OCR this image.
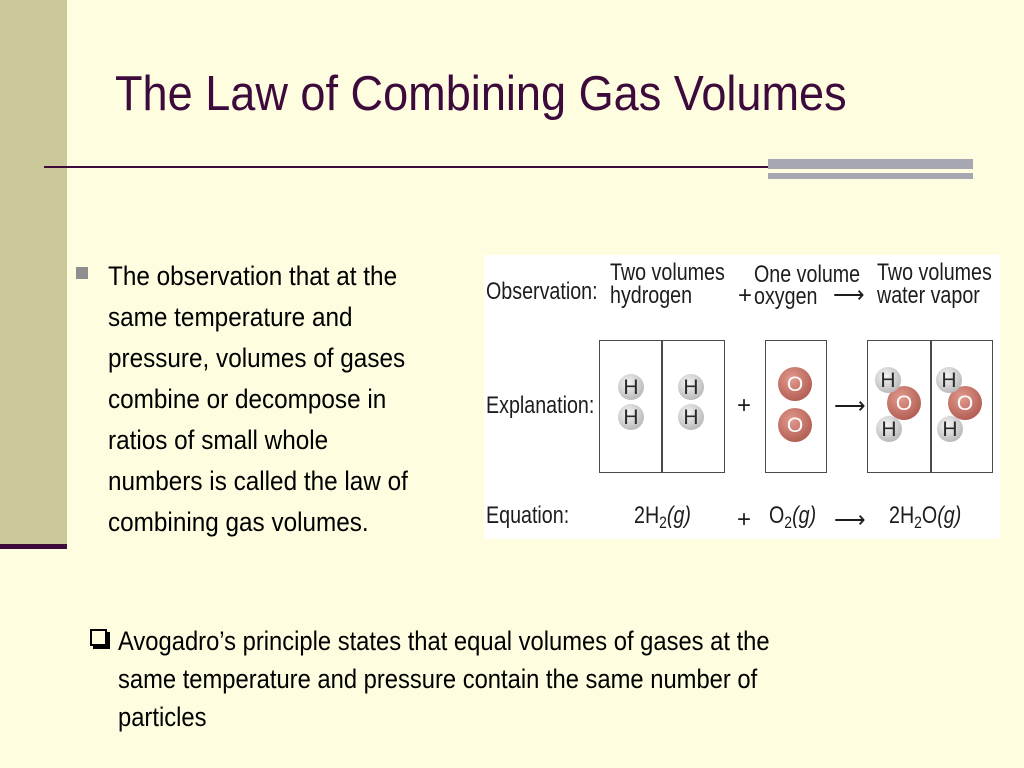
The Law of Combining Gas Volumes
The observation that at the same temperature and pressure, volumes of gases combine or decompose in ratios of small whole numbers is called the law of combining gas volumes.
Observation:
Explanation:
Equation:
Two volumes
hydrogen +
One volume
oxygen ⟶
Two volumes
water vapor
H
H
H
H +
O
O
⟶	O
H
H
O
H
H
$2H_2(g) + O_2(g)$ ⟶ $2H_2O(g)$
Avogadro’s principle states that equal volumes of gases at the same temperature and pressure contain the same number of particles
